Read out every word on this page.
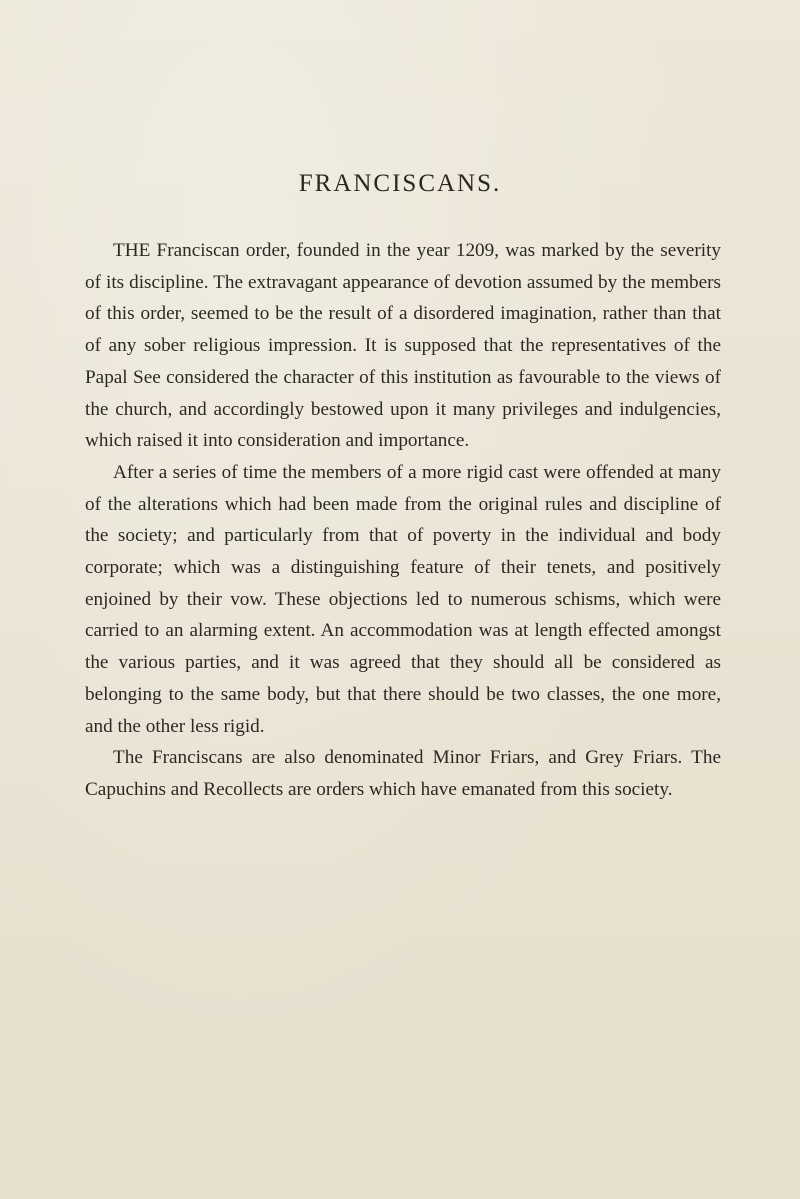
FRANCISCANS.

THE Franciscan order, founded in the year 1209, was marked by the severity of its discipline. The extravagant appearance of devotion assumed by the members of this order, seemed to be the result of a disordered imagination, rather than that of any sober religious impression. It is supposed that the representatives of the Papal See considered the character of this institution as favourable to the views of the church, and accordingly bestowed upon it many privileges and indulgencies, which raised it into consideration and importance.

After a series of time the members of a more rigid cast were offended at many of the alterations which had been made from the original rules and discipline of the society; and particularly from that of poverty in the individual and body corporate; which was a distinguishing feature of their tenets, and positively enjoined by their vow. These objections led to numerous schisms, which were carried to an alarming extent. An accommodation was at length effected amongst the various parties, and it was agreed that they should all be considered as belonging to the same body, but that there should be two classes, the one more, and the other less rigid.

The Franciscans are also denominated Minor Friars, and Grey Friars. The Capuchins and Recollects are orders which have emanated from this society.
